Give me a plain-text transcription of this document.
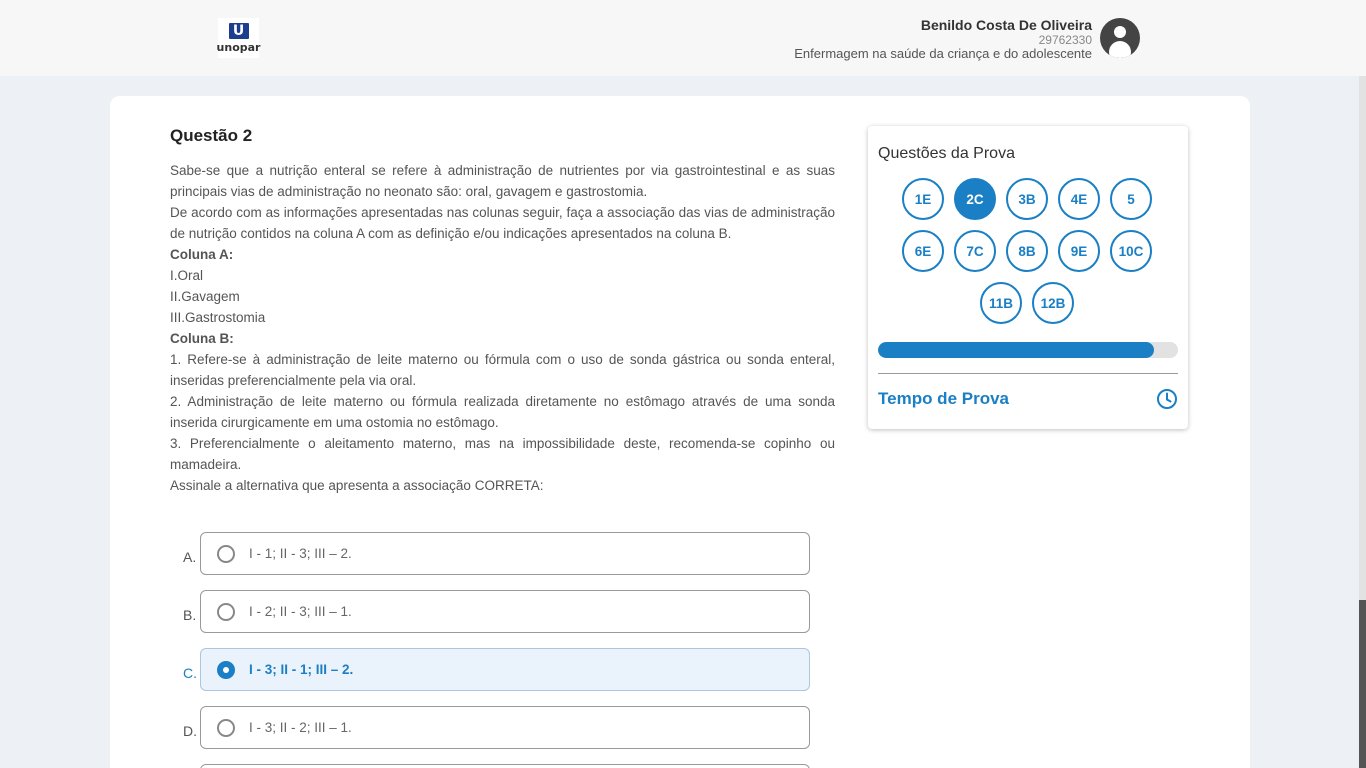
U
unopar
Benildo Costa De Oliveira
29762330
Enfermagem na saúde da criança e do adolescente
Questão 2

Sabe-se que a nutrição enteral se refere à administração de nutrientes por via gastrointestinal e as suas principais vias de administração no neonato são: oral, gavagem e gastrostomia.

De acordo com as informações apresentadas nas colunas seguir, faça a associação das vias de administração de nutrição contidos na coluna A com as definição e/ou indicações apresentados na coluna B.

Coluna A:

I.Oral

II.Gavagem

III.Gastrostomia

Coluna B:

1. Refere-se à administração de leite materno ou fórmula com o uso de sonda gástrica ou sonda enteral, inseridas preferencialmente pela via oral.

2. Administração de leite materno ou fórmula realizada diretamente no estômago através de uma sonda inserida cirurgicamente em uma ostomia no estômago.

3. Preferencialmente o aleitamento materno, mas na impossibilidade deste, recomenda-se copinho ou mamadeira.

Assinale a alternativa que apresenta a associação CORRETA:

A.	I - 1; II - 3; III – 2.
B.	I - 2; II - 3; III – 1.
C.	I - 3; II - 1; III – 2.
D.	I - 3; II - 2; III – 1.
Questões da Prova
1E	2C	3B	4E	5
6E	7C	8B	9E	10C
11B	12B
Tempo de Prova
